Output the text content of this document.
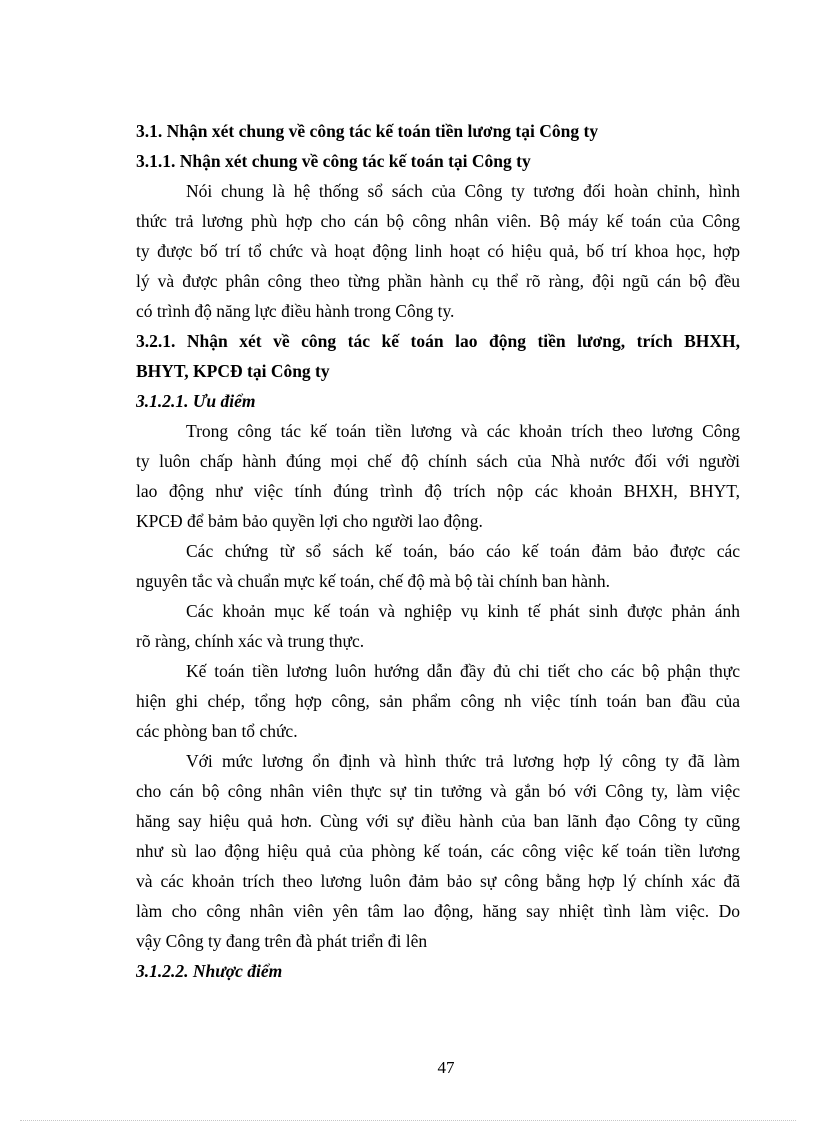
3.1. Nhận xét chung về công tác kế toán tiền lương tại Công ty
3.1.1. Nhận xét chung về công tác kế toán tại Công ty
Nói chung là hệ thống sổ sách của Công ty tương đối hoàn chỉnh, hình
thức trả lương phù hợp cho cán bộ công nhân viên. Bộ máy kế toán của Công
ty được bố trí tổ chức và hoạt động linh hoạt có hiệu quả, bố trí khoa học, hợp
lý và được phân công theo từng phần hành cụ thể rõ ràng, đội ngũ cán bộ đều
có trình độ năng lực điều hành trong Công ty.
3.2.1. Nhận xét về công tác kế toán lao động tiền lương, trích BHXH,
BHYT, KPCĐ tại Công ty
3.1.2.1. Ưu điểm
Trong công tác kế toán tiền lương và các khoản trích theo lương Công
ty luôn chấp hành đúng mọi chế độ chính sách của Nhà nước đối với người
lao động như việc tính đúng trình độ trích nộp các khoản BHXH, BHYT,
KPCĐ để bảm bảo quyền lợi cho người lao động.
Các chứng từ sổ sách kế toán, báo cáo kế toán đảm bảo được các
nguyên tắc và chuẩn mực kế toán, chế độ mà bộ tài chính ban hành.
Các khoản mục kế toán và nghiệp vụ kinh tế phát sinh được phản ánh
rõ ràng, chính xác và trung thực.
Kế toán tiền lương luôn hướng dẫn đầy đủ chi tiết cho các bộ phận thực
hiện ghi chép, tổng hợp công, sản phẩm công nh việc tính toán ban đầu của
các phòng ban tổ chức.
Với mức lương ổn định và hình thức trả lương hợp lý công ty đã làm
cho cán bộ công nhân viên thực sự tin tưởng và gắn bó với Công ty, làm việc
hăng say hiệu quả hơn. Cùng với sự điều hành của ban lãnh đạo Công ty cũng
như sù lao động hiệu quả của phòng kế toán, các công việc kế toán tiền lương
và các khoản trích theo lương luôn đảm bảo sự công bằng hợp lý chính xác đã
làm cho công nhân viên yên tâm lao động, hăng say nhiệt tình làm việc. Do
vậy Công ty đang trên đà phát triển đi lên
3.1.2.2. Nhược điểm
47
